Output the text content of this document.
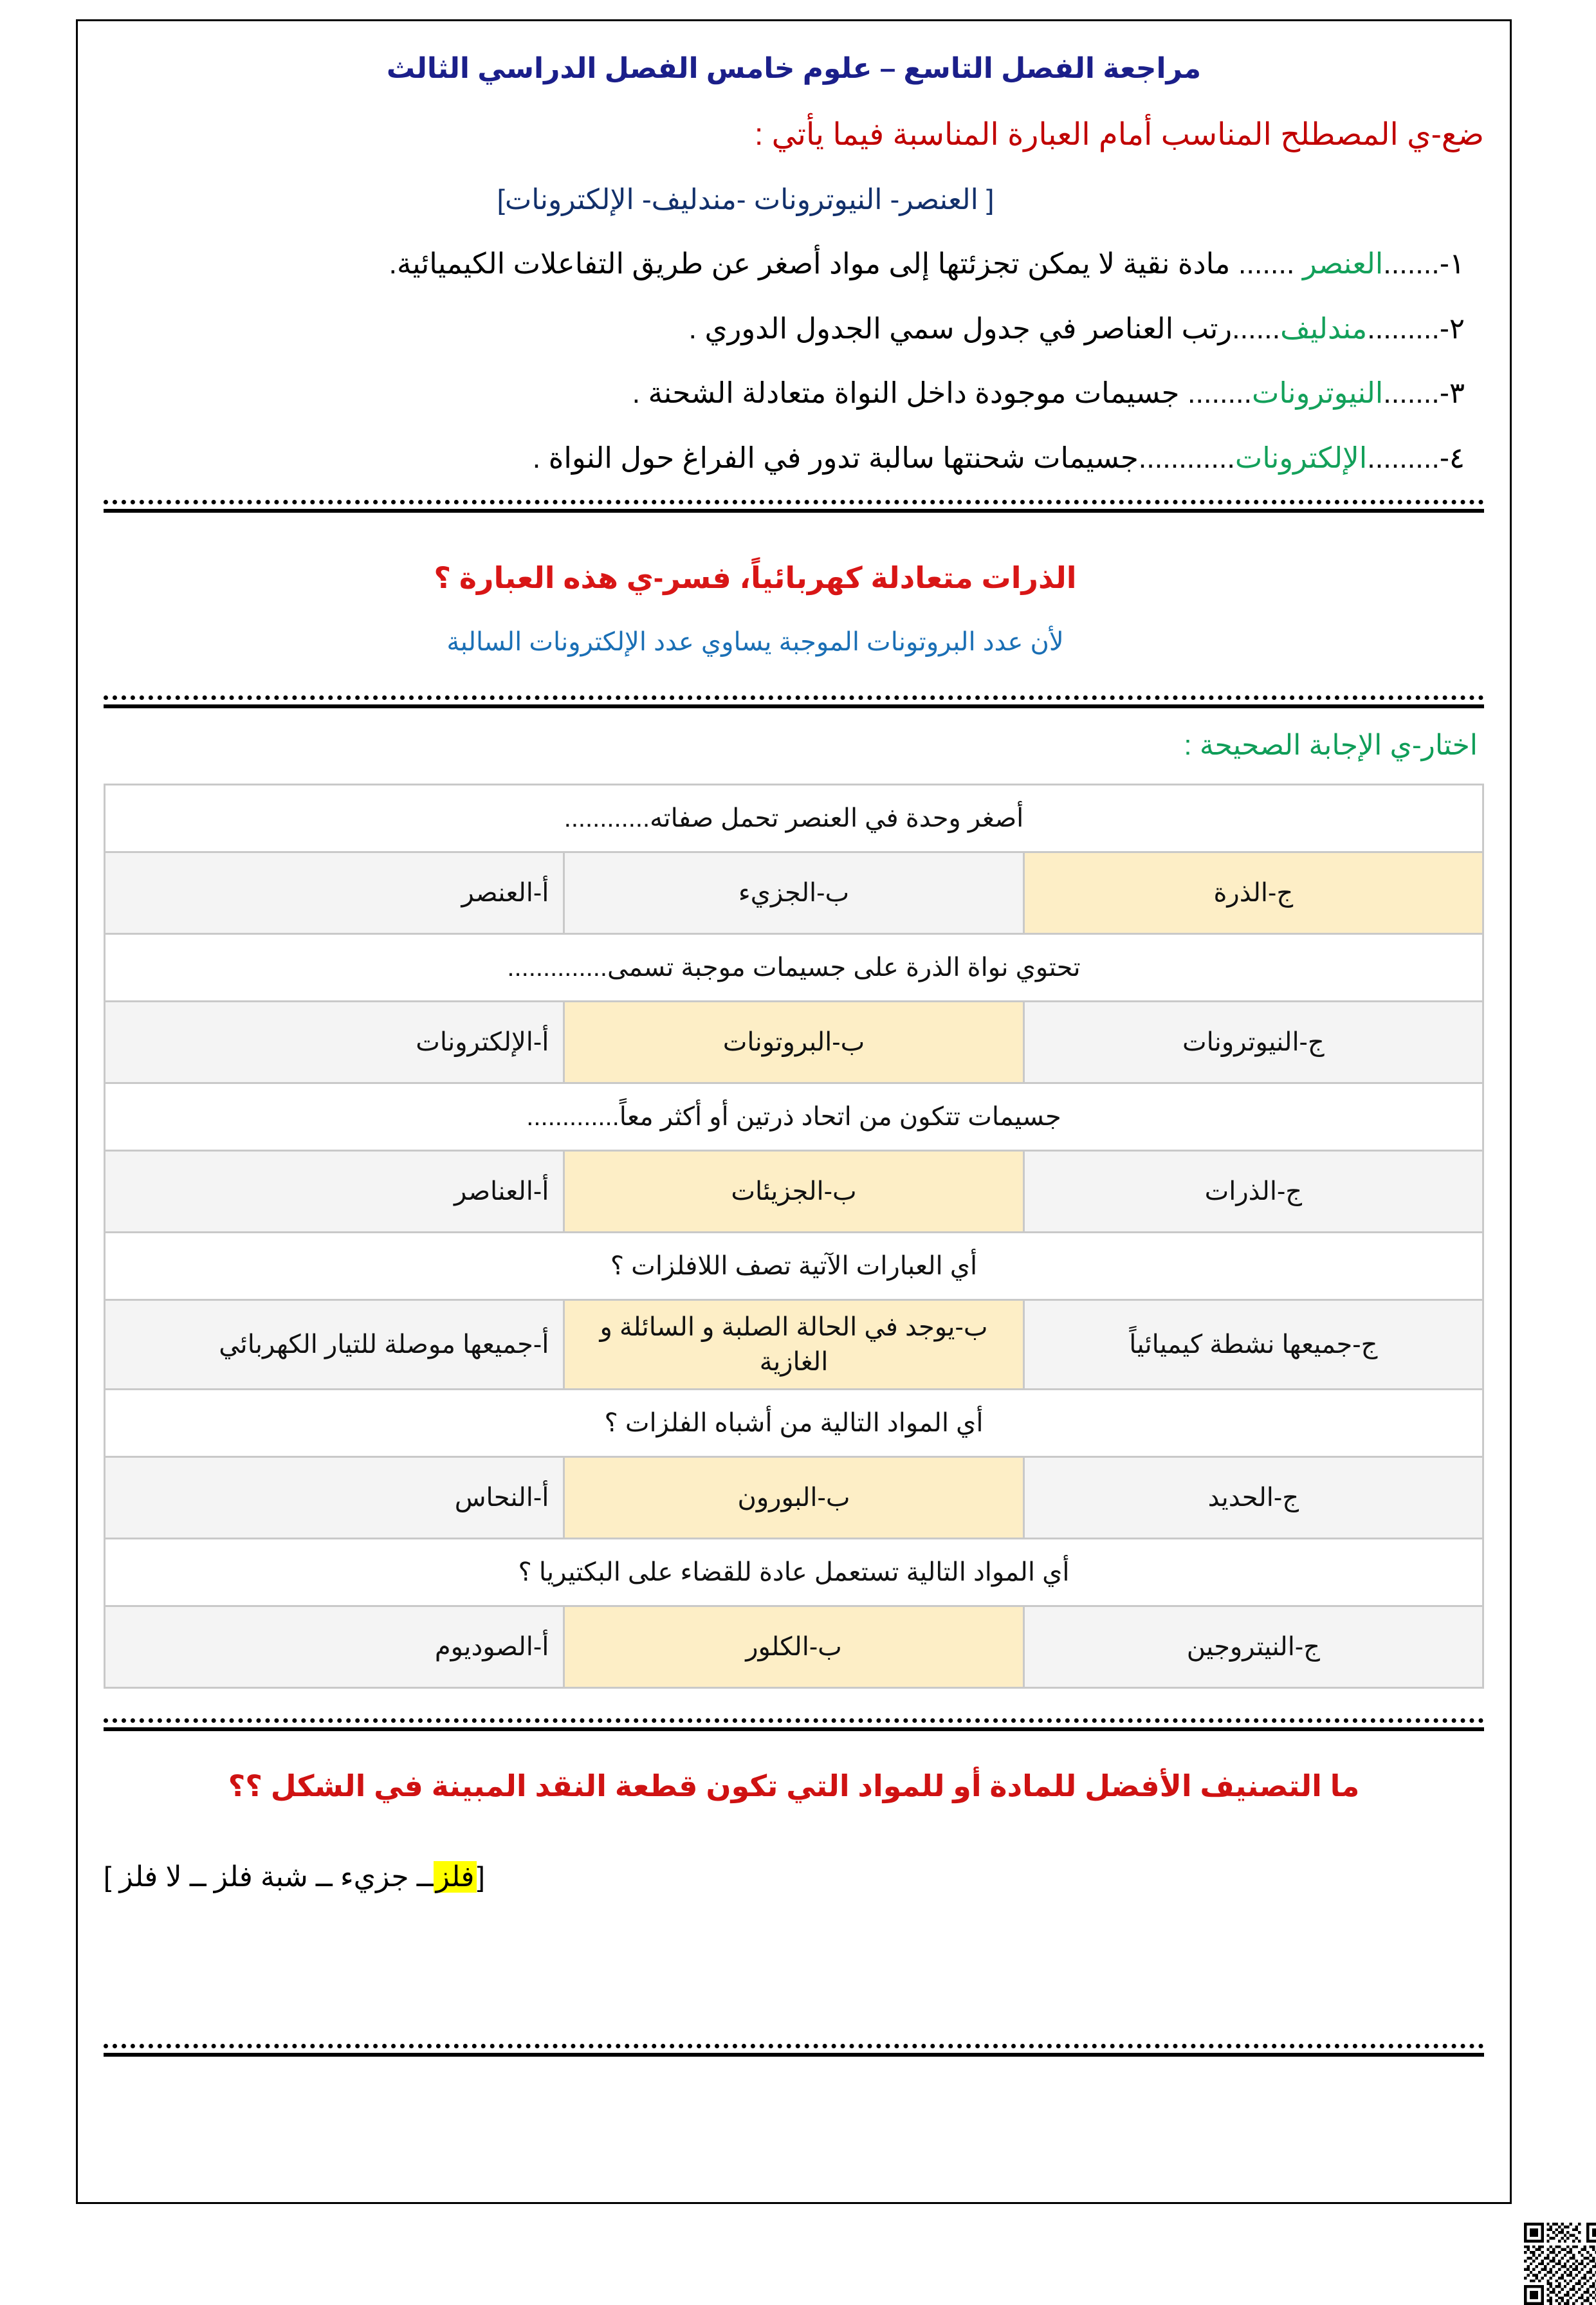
مراجعة الفصل التاسع – علوم خامس الفصل الدراسي الثالث
ضع-ي المصطلح المناسب أمام العبارة المناسبة فيما يأتي :
[ العنصر- النيوترونات -مندليف- الإلكترونات]
١-.......العنصر ....... مادة نقية لا يمكن تجزئتها إلى مواد أصغر عن طريق التفاعلات الكيميائية.
٢-.........مندليف......رتب العناصر في جدول سمي الجدول الدوري .
٣-.......النيوترونات........ جسيمات موجودة داخل النواة متعادلة الشحنة .
٤-.........الإلكترونات............جسيمات شحنتها سالبة تدور في الفراغ حول النواة .
الذرات متعادلة كهربائياً، فسر-ي هذه العبارة ؟
لأن عدد البروتونات الموجبة يساوي عدد الإلكترونات السالبة
اختار-ي الإجابة الصحيحة :
أصغر وحدة في العنصر تحمل صفاته............		
ج-الذرة	ب-الجزيء	أ-العنصر
تحتوي نواة الذرة على جسيمات موجبة تسمى..............		
ج-النيوترونات	ب-البروتونات	أ-الإلكترونات
جسيمات تتكون من اتحاد ذرتين أو أكثر معاً.............		
ج-الذرات	ب-الجزيئات	أ-العناصر
أي العبارات الآتية تصف اللافلزات ؟		
ج-جميعها نشطة كيميائياً	ب-يوجد في الحالة الصلبة و السائلة و الغازية	أ-جميعها موصلة للتيار الكهربائي
أي المواد التالية من أشباه الفلزات ؟		
ج-الحديد	ب-البورون	أ-النحاس
أي المواد التالية تستعمل عادة للقضاء على البكتيريا ؟		
ج-النيتروجين	ب-الكلور	أ-الصوديوم
ما التصنيف الأفضل للمادة أو للمواد التي تكون قطعة النقد المبينة في الشكل ؟؟
[فلزــ جزيء ــ شبة فلز ــ لا فلز ]
